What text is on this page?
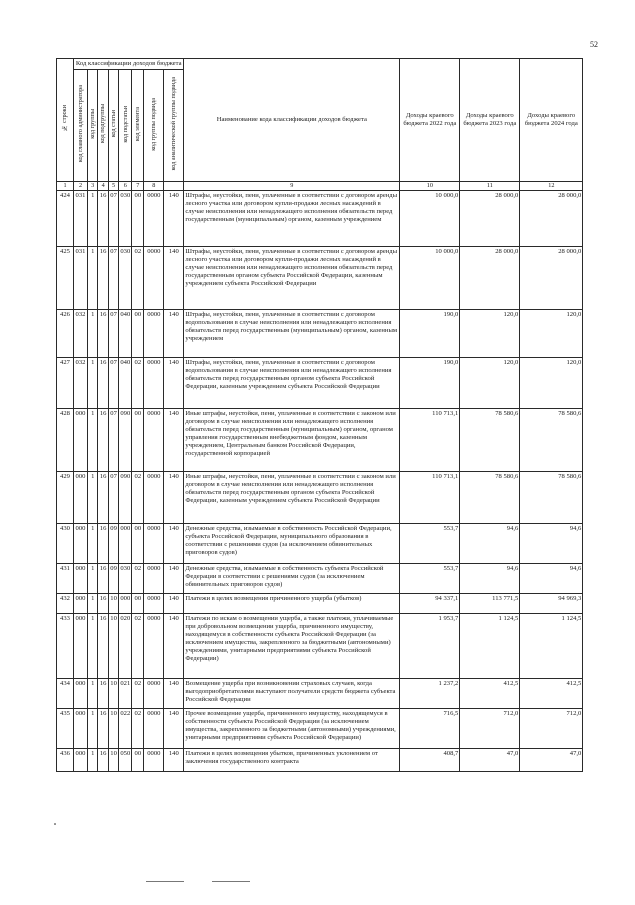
52
№ строки	Код классификации доходов бюджета								Наименование кода классификации доходов бюджета	Доходы краевого бюджета 2022 года	Доходы краевого бюджета 2023 года	Доходы краевого бюджета 2024 года
	код главного администратора	код группы	код подгруппы	код статьи	код подстатьи	код элемента	код группы подвида	код аналитической группы подвида				
1	2	3	4	5	6	7	8		9	10	11	12
424	031	1	16	07	030	00	0000	140	Штрафы, неустойки, пени, уплаченные в соответствии с договором аренды лесного участка или договором купли-продажи лесных насаждений в случае неисполнения или ненадлежащего исполнения обязательств перед государственным (муниципальным) органом, казенным учреждением	10 000,0	28 000,0	28 000,0
425	031	1	16	07	030	02	0000	140	Штрафы, неустойки, пени, уплаченные в соответствии с договором аренды лесного участка или договором купли-продажи лесных насаждений в случае неисполнения или ненадлежащего исполнения обязательств перед государственным органом субъекта Российской Федерации, казенным учреждением субъекта Российской Федерации	10 000,0	28 000,0	28 000,0
426	032	1	16	07	040	00	0000	140	Штрафы, неустойки, пени, уплаченные в соответствии с договором водопользования в случае неисполнения или ненадлежащего исполнения обязательств перед государственным (муниципальным) органом, казенным учреждением	190,0	120,0	120,0
427	032	1	16	07	040	02	0000	140	Штрафы, неустойки, пени, уплаченные в соответствии с договором водопользования в случае неисполнения или ненадлежащего исполнения обязательств перед государственным органом субъекта Российской Федерации, казенным учреждением субъекта Российской Федерации	190,0	120,0	120,0
428	000	1	16	07	090	00	0000	140	Иные штрафы, неустойки, пени, уплаченные в соответствии с законом или договором в случае неисполнения или ненадлежащего исполнения обязательств перед государственным (муниципальным) органом, органом управления государственным внебюджетным фондом, казенным учреждением, Центральным банком Российской Федерации, государственной корпорацией	110 713,1	78 580,6	78 580,6
429	000	1	16	07	090	02	0000	140	Иные штрафы, неустойки, пени, уплаченные в соответствии с законом или договором в случае неисполнения или ненадлежащего исполнения обязательств перед государственным органом субъекта Российской Федерации, казенным учреждением субъекта Российской Федерации	110 713,1	78 580,6	78 580,6
430	000	1	16	09	000	00	0000	140	Денежные средства, изымаемые в собственность Российской Федерации, субъекта Российской Федерации, муниципального образования в соответствии с решениями судов (за исключением обвинительных приговоров судов)	553,7	94,6	94,6
431	000	1	16	09	030	02	0000	140	Денежные средства, изымаемые в собственность субъекта Российской Федерации в соответствии с решениями судов (за исключением обвинительных приговоров судов)	553,7	94,6	94,6
432	000	1	16	10	000	00	0000	140	Платежи в целях возмещения причиненного ущерба (убытков)	94 337,1	113 771,5	94 969,3
433	000	1	16	10	020	02	0000	140	Платежи по искам о возмещении ущерба, а также платежи, уплачиваемые при добровольном возмещении ущерба, причиненного имуществу, находящемуся в собственности субъекта Российской Федерации (за исключением имущества, закрепленного за бюджетными (автономными) учреждениями, унитарными предприятиями субъекта Российской Федерации)	1 953,7	1 124,5	1 124,5
434	000	1	16	10	021	02	0000	140	Возмещение ущерба при возникновении страховых случаев, когда выгодоприобретателями выступают получатели средств бюджета субъекта Российской Федерации	1 237,2	412,5	412,5
435	000	1	16	10	022	02	0000	140	Прочее возмещение ущерба, причиненного имуществу, находящемуся в собственности субъекта Российской Федерации (за исключением имущества, закрепленного за бюджетными (автономными) учреждениями, унитарными предприятиями субъекта Российской Федерации)	716,5	712,0	712,0
436	000	1	16	10	050	00	0000	140	Платежи в целях возмещения убытков, причиненных уклонением от заключения государственного контракта	408,7	47,0	47,0
